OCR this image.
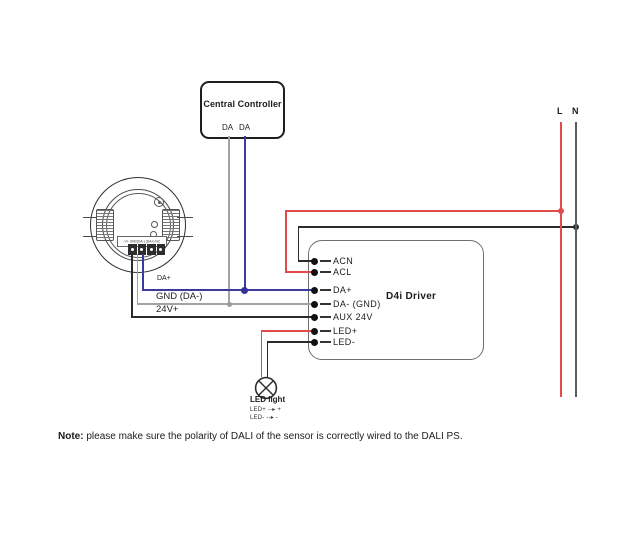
V+ GND(DA-) (DA+) NC
Central Controller
DA DA
D4i Driver
DA+
GND (DA-)
24V+
L N
ACN
ACL
DA+
DA- (GND)
AUX 24V
LED+
LED-
LED light
LED+ --▸ +
LED- --▸ -
Note: please make sure the polarity of DALI of the sensor is correctly wired to the DALI PS.
